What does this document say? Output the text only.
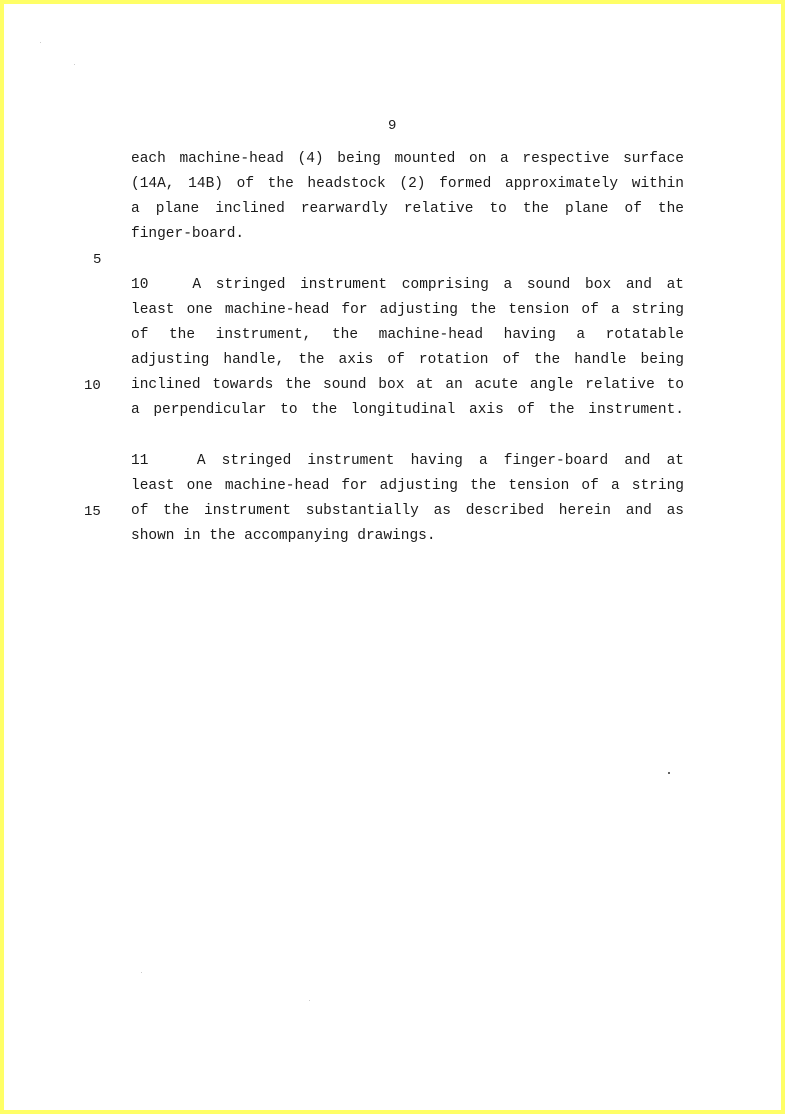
9
5
10
15
each machine-head (4) being mounted on a respective surface
(14A, 14B) of the headstock (2) formed approximately within
a plane inclined rearwardly relative to the plane of the
finger-board.
10   A stringed instrument comprising a sound box and at
least one machine-head for adjusting the tension of a string
of the instrument, the machine-head having a rotatable
adjusting handle, the axis of rotation of the handle being
inclined towards the sound box at an acute angle relative to
a perpendicular to the longitudinal axis of the instrument.
11   A stringed instrument having a finger-board and at
least one machine-head for adjusting the tension of a string
of the instrument substantially as described herein and as
shown in the accompanying drawings.
